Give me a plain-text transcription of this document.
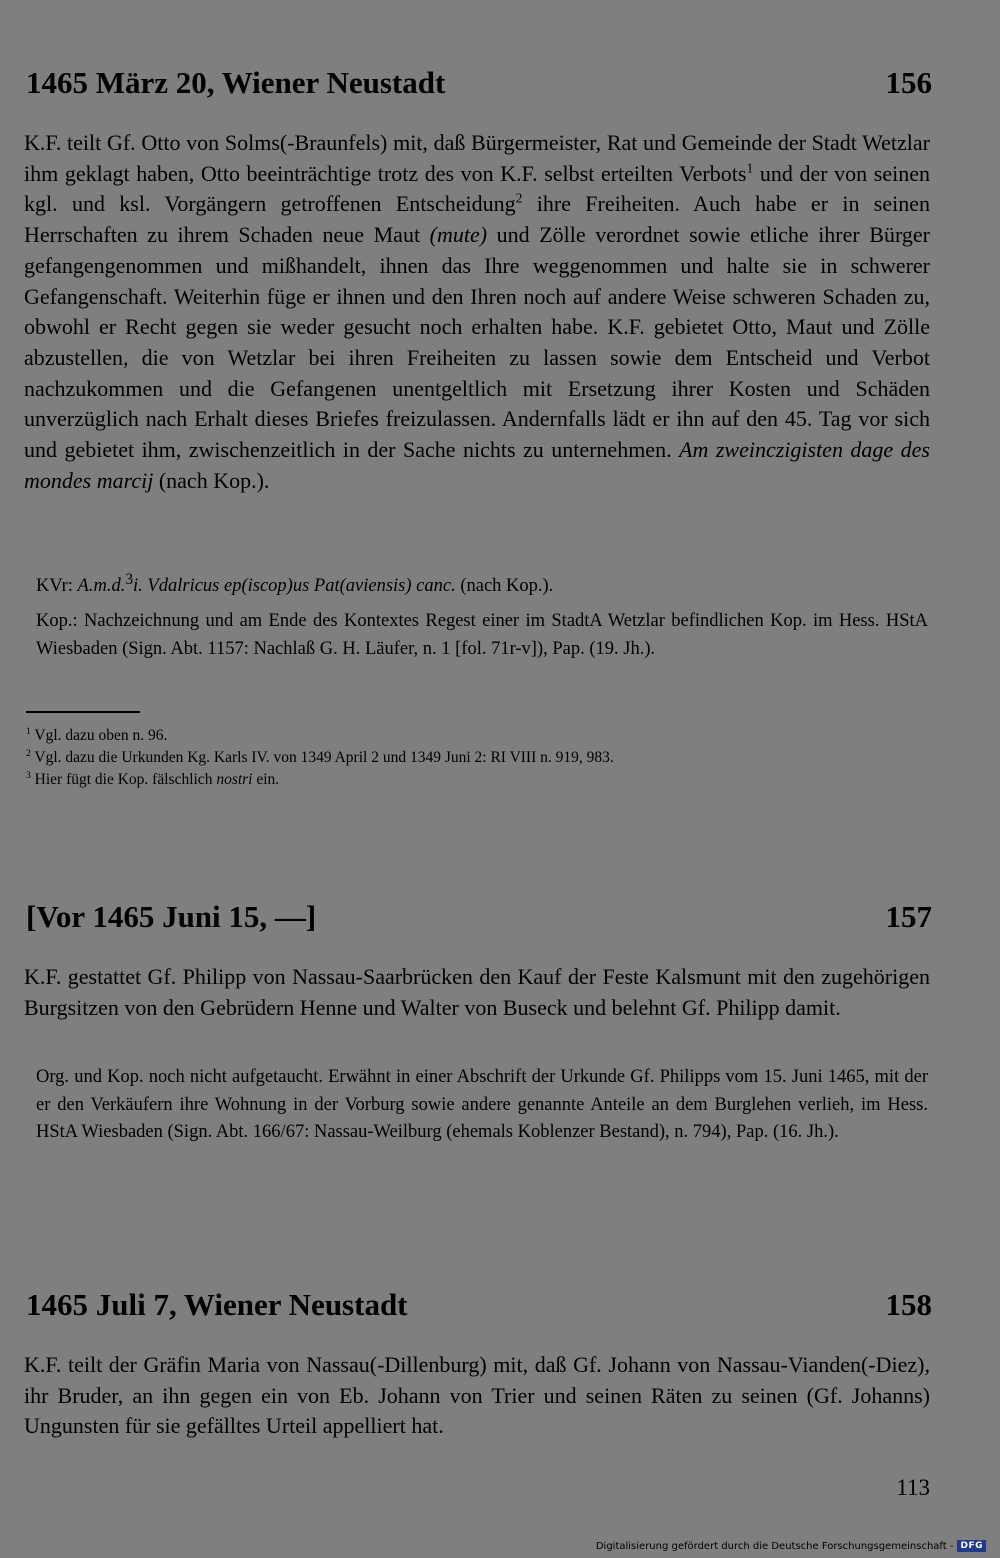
1465 März 20, Wiener Neustadt	156

K.F. teilt Gf. Otto von Solms(-Braunfels) mit, daß Bürgermeister, Rat und Gemeinde der Stadt Wetzlar ihm geklagt haben, Otto beeinträchtige trotz des von K.F. selbst erteilten Verbots$^1$ und der von seinen kgl. und ksl. Vorgängern getroffenen Entscheidung$^2$ ihre Freiheiten. Auch habe er in seinen Herrschaften zu ihrem Schaden neue Maut (mute) und Zölle verordnet sowie etliche ihrer Bürger gefangengenommen und mißhandelt, ihnen das Ihre weggenommen und halte sie in schwerer Gefangenschaft. Weiterhin füge er ihnen und den Ihren noch auf andere Weise schweren Schaden zu, obwohl er Recht gegen sie weder gesucht noch erhalten habe. K.F. gebietet Otto, Maut und Zölle abzustellen, die von Wetzlar bei ihren Freiheiten zu lassen sowie dem Entscheid und Verbot nachzukommen und die Gefangenen unentgeltlich mit Ersetzung ihrer Kosten und Schäden unverzüglich nach Erhalt dieses Briefes freizulassen. Andernfalls lädt er ihn auf den 45. Tag vor sich und gebietet ihm, zwischenzeitlich in der Sache nichts zu unternehmen. Am zweinczigisten dage des mondes marcij (nach Kop.).

KVr: A.m.d.$^3$i. Vdalricus ep(iscop)us Pat(aviensis) canc. (nach Kop.).

Kop.: Nachzeichnung und am Ende des Kontextes Regest einer im StadtA Wetzlar befindlichen Kop. im Hess. HStA Wiesbaden (Sign. Abt. 1157: Nachlaß G. H. Läufer, n. 1 [fol. 71r-v]), Pap. (19. Jh.).

$^1$ Vgl. dazu oben n. 96.

$^2$ Vgl. dazu die Urkunden Kg. Karls IV. von 1349 April 2 und 1349 Juni 2: RI VIII n. 919, 983.

$^3$ Hier fügt die Kop. fälschlich nostri ein.

[Vor 1465 Juni 15, —]	157

K.F. gestattet Gf. Philipp von Nassau-Saarbrücken den Kauf der Feste Kalsmunt mit den zugehörigen Burgsitzen von den Gebrüdern Henne und Walter von Buseck und belehnt Gf. Philipp damit.

Org. und Kop. noch nicht aufgetaucht. Erwähnt in einer Abschrift der Urkunde Gf. Philipps vom 15. Juni 1465, mit der er den Verkäufern ihre Wohnung in der Vorburg sowie andere genannte Anteile an dem Burglehen verlieh, im Hess. HStA Wiesbaden (Sign. Abt. 166/67: Nassau-Weilburg (ehemals Koblenzer Bestand), n. 794), Pap. (16. Jh.).

1465 Juli 7, Wiener Neustadt	158

K.F. teilt der Gräfin Maria von Nassau(-Dillenburg) mit, daß Gf. Johann von Nassau-Vianden(-Diez), ihr Bruder, an ihn gegen ein von Eb. Johann von Trier und seinen Räten zu seinen (Gf. Johanns) Ungunsten für sie gefälltes Urteil appelliert hat.

113
Digitalisierung gefördert durch die Deutsche Forschungsgemeinschaft - DFG
